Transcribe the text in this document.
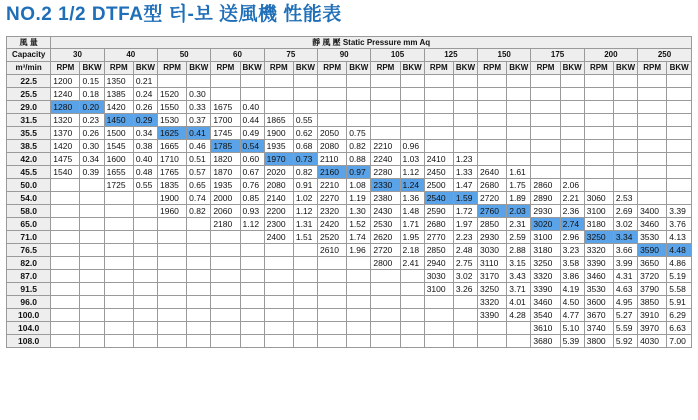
NO.2 1/2 DTFA型 터-보 送風機 性能表
風 量	靜 風 壓 Static Pressure mm Aq																							
Capacity	30		40		50		60		75		90		105		125		150		175		200		250	
m³/min	RPM	BKW	RPM	BKW	RPM	BKW	RPM	BKW	RPM	BKW	RPM	BKW	RPM	BKW	RPM	BKW	RPM	BKW	RPM	BKW	RPM	BKW	RPM	BKW
22.5	1200	0.15	1350	0.21																				
25.5	1240	0.18	1385	0.24	1520	0.30																		
29.0	1280	0.20	1420	0.26	1550	0.33	1675	0.40																
31.5	1320	0.23	1450	0.29	1530	0.37	1700	0.44	1865	0.55														
35.5	1370	0.26	1500	0.34	1625	0.41	1745	0.49	1900	0.62	2050	0.75												
38.5	1420	0.30	1545	0.38	1665	0.46	1785	0.54	1935	0.68	2080	0.82	2210	0.96										
42.0	1475	0.34	1600	0.40	1710	0.51	1820	0.60	1970	0.73	2110	0.88	2240	1.03	2410	1.23								
45.5	1540	0.39	1655	0.48	1765	0.57	1870	0.67	2020	0.82	2160	0.97	2280	1.12	2450	1.33	2640	1.61						
50.0			1725	0.55	1835	0.65	1935	0.76	2080	0.91	2210	1.08	2330	1.24	2500	1.47	2680	1.75	2860	2.06				
54.0					1900	0.74	2000	0.85	2140	1.02	2270	1.19	2380	1.36	2540	1.59	2720	1.89	2890	2.21	3060	2.53		
58.0					1960	0.82	2060	0.93	2200	1.12	2320	1.30	2430	1.48	2590	1.72	2760	2.03	2930	2.36	3100	2.69	3400	3.39
65.0							2180	1.12	2300	1.31	2420	1.52	2530	1.71	2680	1.97	2850	2.31	3020	2.74	3180	3.02	3460	3.76
71.0									2400	1.51	2520	1.74	2620	1.95	2770	2.23	2930	2.59	3100	2.96	3250	3.34	3530	4.13
76.5											2610	1.96	2720	2.18	2850	2.48	3030	2.88	3180	3.23	3320	3.66	3590	4.48
82.0													2800	2.41	2940	2.75	3110	3.15	3250	3.58	3390	3.99	3650	4.86
87.0															3030	3.02	3170	3.43	3320	3.86	3460	4.31	3720	5.19
91.5															3100	3.26	3250	3.71	3390	4.19	3530	4.63	3790	5.58
96.0																	3320	4.01	3460	4.50	3600	4.95	3850	5.91
100.0																	3390	4.28	3540	4.77	3670	5.27	3910	6.29
104.0																			3610	5.10	3740	5.59	3970	6.63
108.0																			3680	5.39	3800	5.92	4030	7.00
